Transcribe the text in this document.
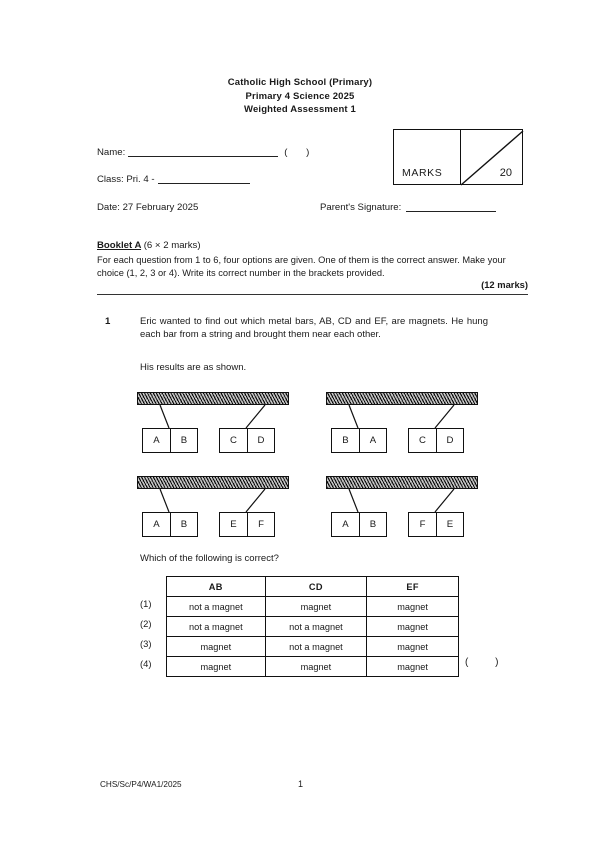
Catholic High School (Primary)
Primary 4 Science 2025
Weighted Assessment 1
MARKS	20
Name:	( )
Class: Pri. 4 -
Date: 27 February 2025	Parent's Signature:
Booklet A (6 × 2 marks)
For each question from 1 to 6, four options are given. One of them is the correct answer. Make your choice (1, 2, 3 or 4). Write its correct number in the brackets provided.
(12 marks)
1	Eric wanted to find out which metal bars, AB, CD and EF, are magnets. He hung each bar from a string and brought them near each other.
His results are as shown.
A	B	C	D	B	A	C	D
A	B	E	F	A	B	F	E
Which of the following is correct?
(1)
(2)
(3)
(4)
AB	CD	EF
not a magnet	magnet	magnet
not a magnet	not a magnet	magnet
magnet	not a magnet	magnet
magnet	magnet	magnet	( )
CHS/Sc/P4/WA1/2025	1
